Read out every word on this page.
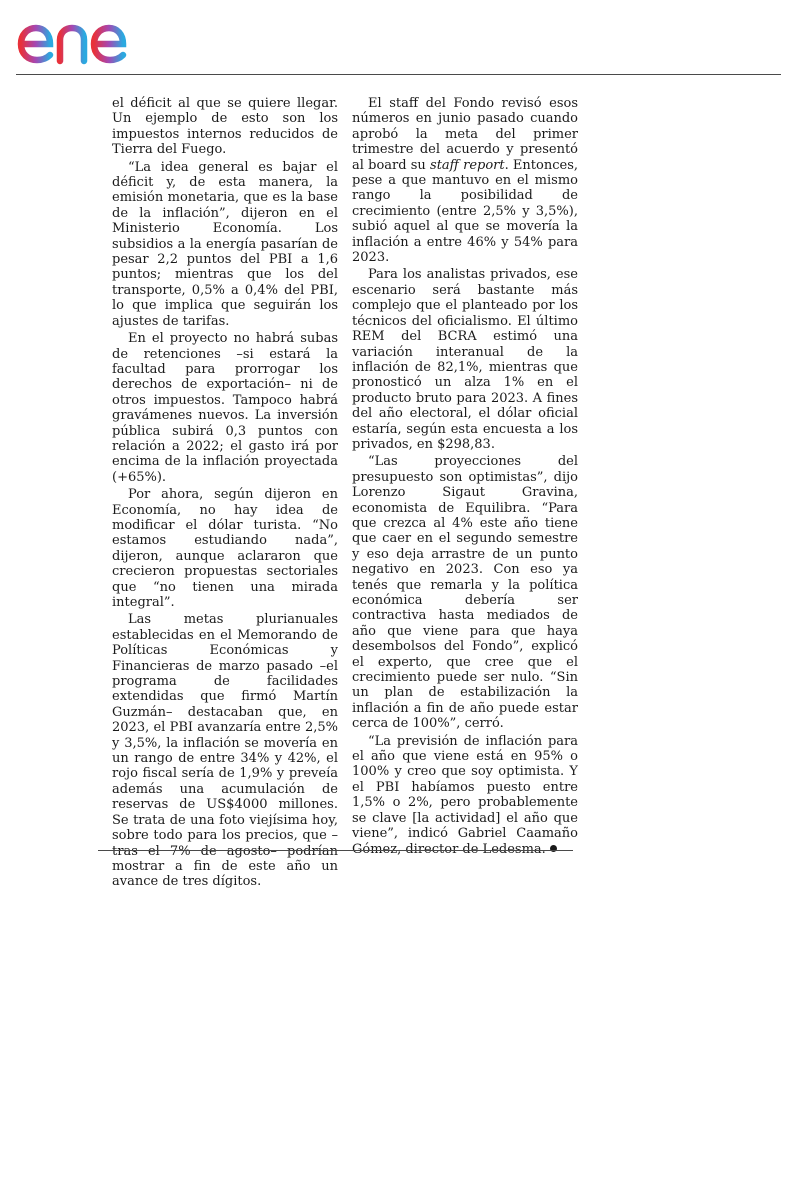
el déficit al que se quiere llegar. Un ejemplo de esto son los impuestos internos reducidos de Tierra del Fuego.

“La idea general es bajar el déficit y, de esta manera, la emisión monetaria, que es la base de la inflación”, dijeron en el Ministerio Economía. Los subsidios a la energía pasarían de pesar 2,2 puntos del PBI a 1,6 puntos; mientras que los del transporte, 0,5% a 0,4% del PBI, lo que implica que seguirán los ajustes de tarifas.

En el proyecto no habrá subas de retenciones –si estará la facultad para prorrogar los derechos de exportación– ni de otros impuestos. Tampoco habrá gravámenes nuevos. La inversión pública subirá 0,3 puntos con relación a 2022; el gasto irá por encima de la inflación proyectada (+65%).

Por ahora, según dijeron en Economía, no hay idea de modificar el dólar turista. “No estamos estudiando nada”, dijeron, aunque aclararon que crecieron propuestas sectoriales que “no tienen una mirada integral”.

Las metas plurianuales establecidas en el Memorando de Políticas Económicas y Financieras de marzo pasado –el programa de facilidades extendidas que firmó Martín Guzmán– destacaban que, en 2023, el PBI avanzaría entre 2,5% y 3,5%, la inflación se movería en un rango de entre 34% y 42%, el rojo fiscal sería de 1,9% y preveía además una acumulación de reservas de US$4000 millones. Se trata de una foto viejísima hoy, sobre todo para los precios, que –tras el 7% de agosto– podrían mostrar a fin de este año un avance de tres dígitos.

El staff del Fondo revisó esos números en junio pasado cuando aprobó la meta del primer trimestre del acuerdo y presentó al board su staff report. Entonces, pese a que mantuvo en el mismo rango la posibilidad de crecimiento (entre 2,5% y 3,5%), subió aquel al que se movería la inflación a entre 46% y 54% para 2023.

Para los analistas privados, ese escenario será bastante más complejo que el planteado por los técnicos del oficialismo. El último REM del BCRA estimó una variación interanual de la inflación de 82,1%, mientras que pronosticó un alza 1% en el producto bruto para 2023. A fines del año electoral, el dólar oficial estaría, según esta encuesta a los privados, en $298,83.

“Las proyecciones del presupuesto son optimistas”, dijo Lorenzo Sigaut Gravina, economista de Equilibra. “Para que crezca al 4% este año tiene que caer en el segundo semestre y eso deja arrastre de un punto negativo en 2023. Con eso ya tenés que remarla y la política económica debería ser contractiva hasta mediados de año que viene para que haya desembolsos del Fondo”, explicó el experto, que cree que el crecimiento puede ser nulo. “Sin un plan de estabilización la inflación a fin de año puede estar cerca de 100%”, cerró.

“La previsión de inflación para el año que viene está en 95% o 100% y creo que soy optimista. Y el PBI habíamos puesto entre 1,5% o 2%, pero probablemente se clave [la actividad] el año que viene”, indicó Gabriel Caamaño Gómez, director de Ledesma.
